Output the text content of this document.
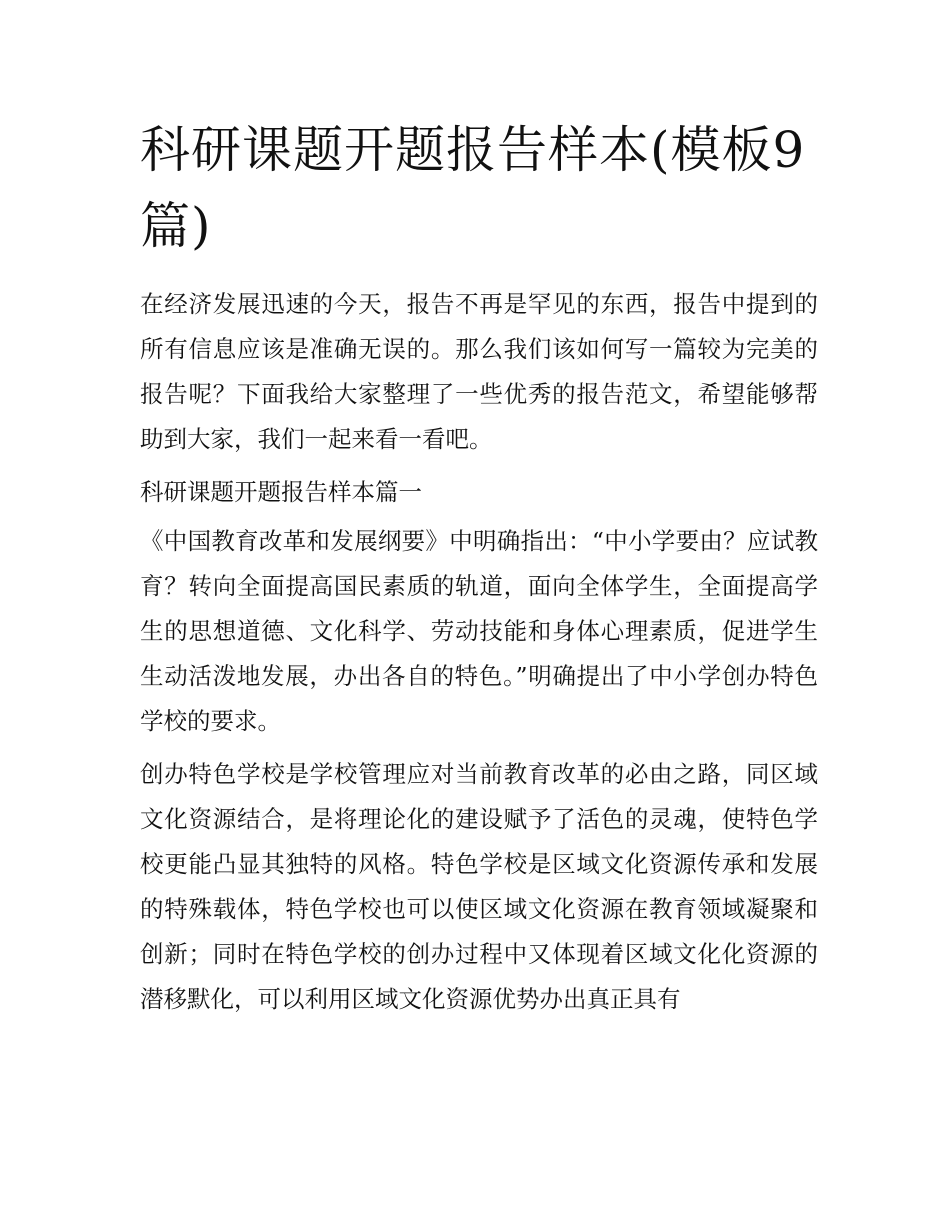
科研课题开题报告样本(模板9篇)

在经济发展迅速的今天，报告不再是罕见的东西，报告中提到的所有信息应该是准确无误的。那么我们该如何写一篇较为完美的报告呢？下面我给大家整理了一些优秀的报告范文，希望能够帮助到大家，我们一起来看一看吧。

科研课题开题报告样本篇一

《中国教育改革和发展纲要》中明确指出：“中小学要由？应试教育？转向全面提高国民素质的轨道，面向全体学生，全面提高学生的思想道德、文化科学、劳动技能和身体心理素质，促进学生生动活泼地发展，办出各自的特色。”明确提出了中小学创办特色学校的要求。

创办特色学校是学校管理应对当前教育改革的必由之路，同区域文化资源结合，是将理论化的建设赋予了活色的灵魂，使特色学校更能凸显其独特的风格。特色学校是区域文化资源传承和发展的特殊载体，特色学校也可以使区域文化资源在教育领域凝聚和创新；同时在特色学校的创办过程中又体现着区域文化化资源的潜移默化，可以利用区域文化资源优势办出真正具有
